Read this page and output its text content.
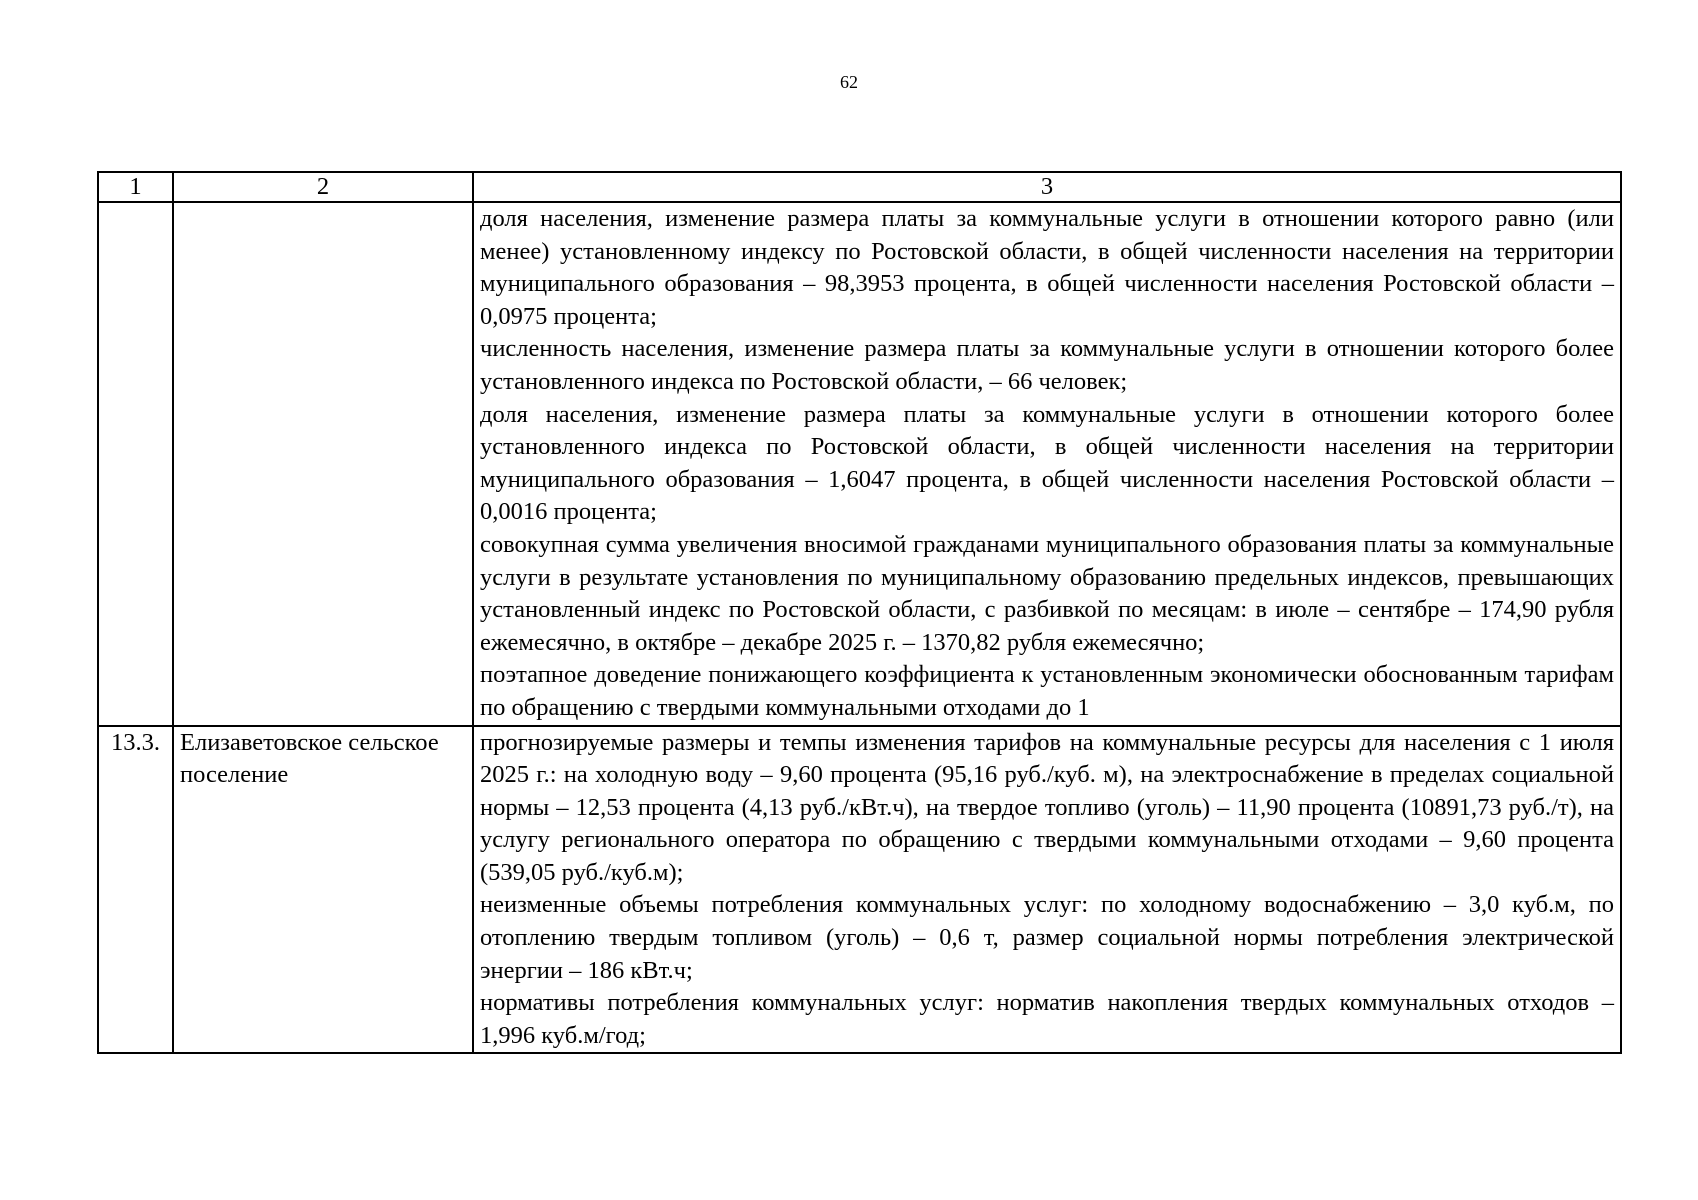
62
1	2	3

		доля населения, изменение размера платы за коммунальные услуги в отношении которого равно (или менее) установленному индексу по Ростовской области, в общей численности населения на территории муниципального образования – 98,3953 процента, в общей численности населения Ростовской области – 0,0975 процента;

численность населения, изменение размера платы за коммунальные услуги в отношении которого более установленного индекса по Ростовской области, – 66 человек;

доля населения, изменение размера платы за коммунальные услуги в отношении которого более установленного индекса по Ростовской области, в общей численности населения на территории муниципального образования – 1,6047 процента, в общей численности населения Ростовской области – 0,0016 процента;

совокупная сумма увеличения вносимой гражданами муниципального образования платы за коммунальные услуги в результате установления по муниципальному образованию предельных индексов, превышающих установленный индекс по Ростовской области, с разбивкой по месяцам: в июле – сентябре – 174,90 рубля ежемесячно, в октябре – декабре 2025 г. – 1370,82 рубля ежемесячно;

поэтапное доведение понижающего коэффициента к установленным экономически обоснованным тарифам по обращению с твердыми коммунальными отходами до 1

13.3.	Елизаветовское сельское поселение	прогнозируемые размеры и темпы изменения тарифов на коммунальные ресурсы для населения с 1 июля 2025 г.: на холодную воду – 9,60 процента (95,16 руб./куб. м), на электроснабжение в пределах социальной нормы – 12,53 процента (4,13 руб./кВт.ч), на твердое топливо (уголь) – 11,90 процента (10891,73 руб./т), на услугу регионального оператора по обращению с твердыми коммунальными отходами – 9,60 процента (539,05 руб./куб.м);

неизменные объемы потребления коммунальных услуг: по холодному водоснабжению – 3,0 куб.м, по отоплению твердым топливом (уголь) – 0,6 т, размер социальной нормы потребления электрической энергии – 186 кВт.ч;

нормативы потребления коммунальных услуг: норматив накопления твердых коммунальных отходов – 1,996 куб.м/год;
